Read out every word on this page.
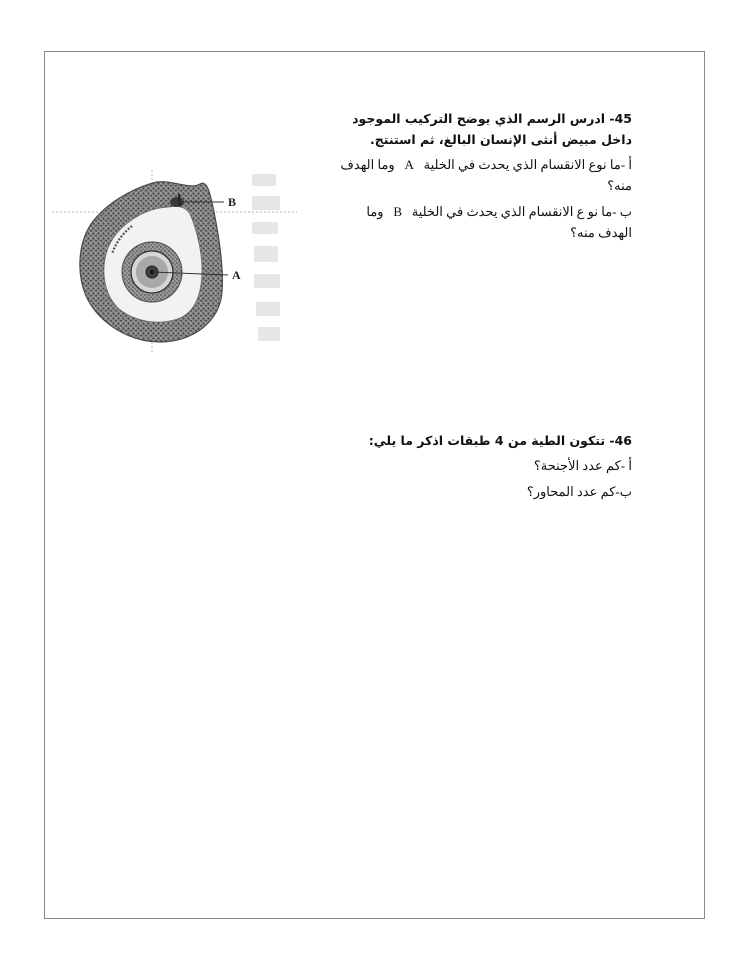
45- ادرس الرسم الذي يوضح التركيب الموجود داخل مبيض أنثى الإنسان البالغ، ثم استنتج.

أ -ما نوع الانقسام الذي يحدث في الخلية   A   وما الهدف منه؟

ب -ما نو ع الانقسام الذي يحدث في الخلية   B   وما الهدف منه؟

B
A

46- تتكون الطية من 4 طبقات اذكر ما يلي:

أ -كم عدد الأجنحة؟

ب-كم عدد المحاور؟
